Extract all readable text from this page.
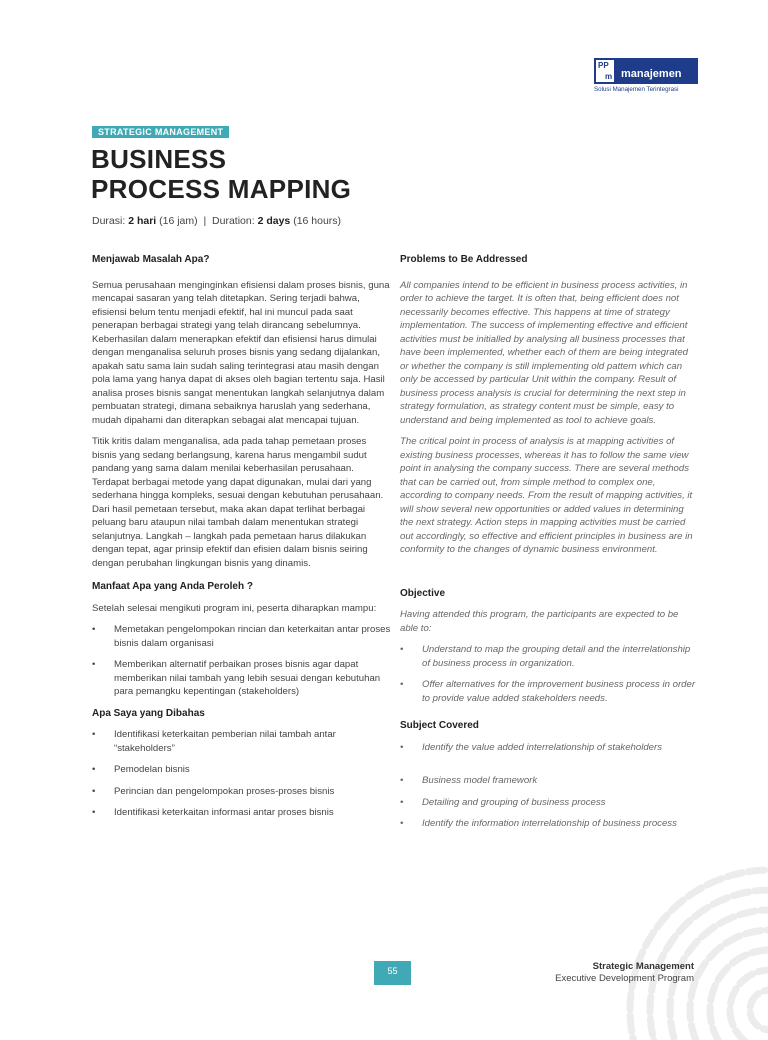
PP
m manajemen
Solusi Manajemen Terintegrasi
STRATEGIC MANAGEMENT
BUSINESS
PROCESS MAPPING
Durasi: 2 hari (16 jam)  |  Duration: 2 days (16 hours)
Menjawab Masalah Apa?

Semua perusahaan menginginkan efisiensi dalam proses bisnis, guna mencapai sasaran yang telah ditetapkan. Sering terjadi bahwa, efisiensi belum tentu menjadi efektif, hal ini muncul pada saat penerapan berbagai strategi yang telah dirancang sebelumnya. Keberhasilan dalam menerapkan efektif dan efisiensi harus dimulai dengan menganalisa seluruh proses bisnis yang sedang dijalankan, apakah satu sama lain sudah saling terintegrasi atau masih dengan pola lama yang hanya dapat di akses oleh bagian tertentu saja. Hasil analisa proses bisnis sangat menentukan langkah selanjutnya dalam pembuatan strategi, dimana sebaiknya haruslah yang sederhana, mudah dipahami dan diterapkan sebagai alat mencapai tujuan.

Titik kritis dalam menganalisa, ada pada tahap pemetaan proses bisnis yang sedang berlangsung, karena harus mengambil sudut pandang yang sama dalam menilai keberhasilan perusahaan. Terdapat berbagai metode yang dapat digunakan, mulai dari yang sederhana hingga kompleks, sesuai dengan kebutuhan perusahaan. Dari hasil pemetaan tersebut, maka akan dapat terlihat berbagai peluang baru ataupun nilai tambah dalam menentukan strategi selanjutnya. Langkah – langkah pada pemetaan harus dilakukan dengan tepat, agar prinsip efektif dan efisien dalam bisnis seiring dengan perubahan lingkungan bisnis yang dinamis.

Manfaat Apa yang Anda Peroleh ?

Setelah selesai mengikuti program ini, peserta diharapkan mampu:

• Memetakan pengelompokan rincian dan keterkaitan antar proses bisnis dalam organisasi
• Memberikan alternatif perbaikan proses bisnis agar dapat memberikan nilai tambah yang lebih sesuai dengan kebutuhan para pemangku kepentingan (stakeholders)
Apa Saya yang Dibahas
• Identifikasi keterkaitan pemberian nilai tambah antar “stakeholders”
• Pemodelan bisnis
• Perincian dan pengelompokan proses-proses bisnis
• Identifikasi keterkaitan informasi antar proses bisnis
Problems to Be Addressed

All companies intend to be efficient in business process activities, in order to achieve the target. It is often that, being efficient does not necessarily becomes effective. This happens at time of strategy implementation. The success of implementing effective and efficient activities must be initialled by analysing all business processes that have been implemented, whether each of them are being integrated or whether the company is still implementing old pattern which can only be accessed by particular Unit within the company. Result of business process analysis is crucial for determining the next step in strategy formulation, as strategy content must be simple, easy to understand and being implemented as tool to achieve goals.

The critical point in process of analysis is at mapping activities of existing business processes, whereas it has to follow the same view point in analysing the company success. There are several methods that can be carried out, from simple method to complex one, according to company needs. From the result of mapping activities, it will show several new opportunities or added values in determining the next strategy. Action steps in mapping activities must be carried out accordingly, so effective and efficient principles in business are in conformity to the changes of dynamic business environment.

Objective

Having attended this program, the participants are expected to be able to:

• Understand to map the grouping detail and the interrelationship of business process in organization.
• Offer alternatives for the improvement business process in order to provide value added stakeholders needs.
Subject Covered
• Identify the value added interrelationship of stakeholders
• Business model framework
• Detailing and grouping of business process
• Identify the information interrelationship of business process
55	Strategic Management
Executive Development Program
